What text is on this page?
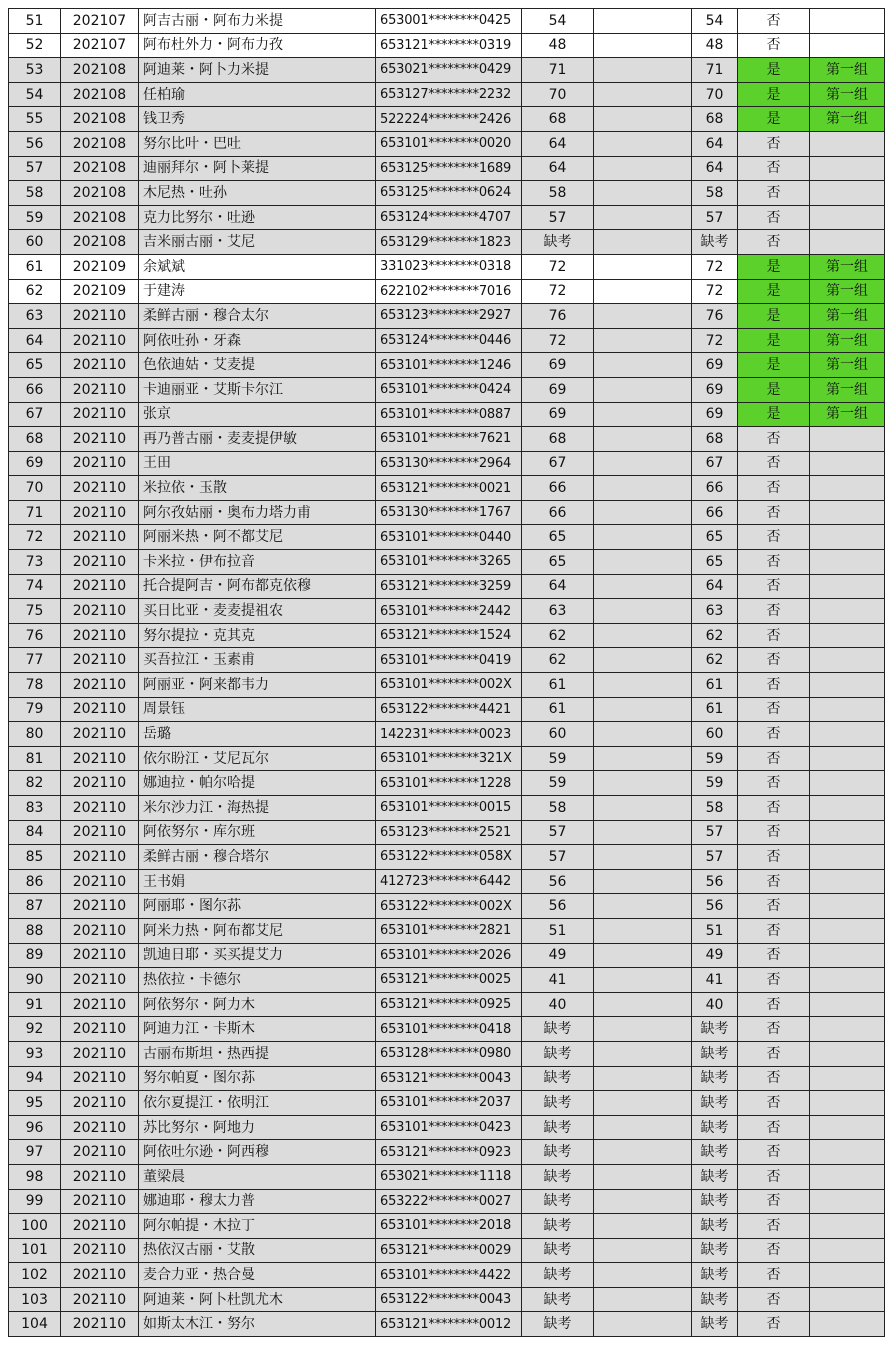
51	202107	阿吉古丽・阿布力米提	653001********0425	54		54	否	
52	202107	阿布杜外力・阿布力孜	653121********0319	48		48	否	
53	202108	阿迪莱・阿卜力米提	653021********0429	71		71	是	第一组
54	202108	任柏瑜	653127********2232	70		70	是	第一组
55	202108	钱卫秀	522224********2426	68		68	是	第一组
56	202108	努尔比叶・巴吐	653101********0020	64		64	否	
57	202108	迪丽拜尔・阿卜莱提	653125********1689	64		64	否	
58	202108	木尼热・吐孙	653125********0624	58		58	否	
59	202108	克力比努尔・吐逊	653124********4707	57		57	否	
60	202108	吉米丽古丽・艾尼	653129********1823	缺考		缺考	否	
61	202109	余斌斌	331023********0318	72		72	是	第一组
62	202109	于建涛	622102********7016	72		72	是	第一组
63	202110	柔鲜古丽・穆合太尔	653123********2927	76		76	是	第一组
64	202110	阿依吐孙・牙森	653124********0446	72		72	是	第一组
65	202110	色依迪姑・艾麦提	653101********1246	69		69	是	第一组
66	202110	卡迪丽亚・艾斯卡尔江	653101********0424	69		69	是	第一组
67	202110	张京	653101********0887	69		69	是	第一组
68	202110	再乃普古丽・麦麦提伊敏	653101********7621	68		68	否	
69	202110	王田	653130********2964	67		67	否	
70	202110	米拉依・玉散	653121********0021	66		66	否	
71	202110	阿尔孜姑丽・奥布力塔力甫	653130********1767	66		66	否	
72	202110	阿丽米热・阿不都艾尼	653101********0440	65		65	否	
73	202110	卡米拉・伊布拉音	653101********3265	65		65	否	
74	202110	托合提阿吉・阿布都克依穆	653121********3259	64		64	否	
75	202110	买日比亚・麦麦提祖农	653101********2442	63		63	否	
76	202110	努尔提拉・克其克	653121********1524	62		62	否	
77	202110	买吾拉江・玉素甫	653101********0419	62		62	否	
78	202110	阿丽亚・阿来都韦力	653101********002X	61		61	否	
79	202110	周景钰	653122********4421	61		61	否	
80	202110	岳璐	142231********0023	60		60	否	
81	202110	依尔盼江・艾尼瓦尔	653101********321X	59		59	否	
82	202110	娜迪拉・帕尔哈提	653101********1228	59		59	否	
83	202110	米尔沙力江・海热提	653101********0015	58		58	否	
84	202110	阿依努尔・库尔班	653123********2521	57		57	否	
85	202110	柔鲜古丽・穆合塔尔	653122********058X	57		57	否	
86	202110	王书娟	412723********6442	56		56	否	
87	202110	阿丽耶・图尔荪	653122********002X	56		56	否	
88	202110	阿米力热・阿布都艾尼	653101********2821	51		51	否	
89	202110	凯迪日耶・买买提艾力	653101********2026	49		49	否	
90	202110	热依拉・卡德尔	653121********0025	41		41	否	
91	202110	阿依努尔・阿力木	653121********0925	40		40	否	
92	202110	阿迪力江・卡斯木	653101********0418	缺考		缺考	否	
93	202110	古丽布斯坦・热西提	653128********0980	缺考		缺考	否	
94	202110	努尔帕夏・图尔荪	653121********0043	缺考		缺考	否	
95	202110	依尔夏提江・依明江	653101********2037	缺考		缺考	否	
96	202110	苏比努尔・阿地力	653101********0423	缺考		缺考	否	
97	202110	阿依吐尔逊・阿西穆	653121********0923	缺考		缺考	否	
98	202110	董梁晨	653021********1118	缺考		缺考	否	
99	202110	娜迪耶・穆太力普	653222********0027	缺考		缺考	否	
100	202110	阿尔帕提・木拉丁	653101********2018	缺考		缺考	否	
101	202110	热依汉古丽・艾散	653121********0029	缺考		缺考	否	
102	202110	麦合力亚・热合曼	653101********4422	缺考		缺考	否	
103	202110	阿迪莱・阿卜杜凯尤木	653122********0043	缺考		缺考	否	
104	202110	如斯太木江・努尔	653121********0012	缺考		缺考	否	
